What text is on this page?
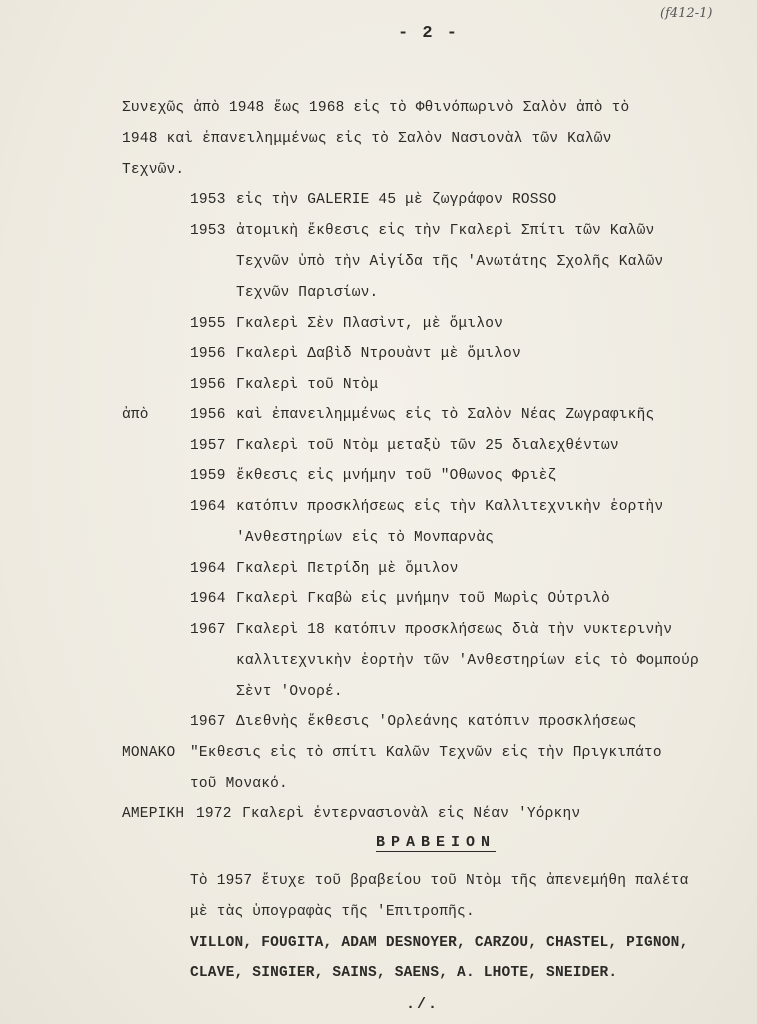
(f412-1)
- 2 -
Συνεχῶς ἀπὸ 1948 ἕως 1968 εἰς τὸ Φθινόπωρινὸ Σαλὸν ἀπὸ τὸ
1948 καὶ ἐπανειλημμένως εἰς τὸ Σαλὸν Νασιονὰλ τῶν Καλῶν
Τεχνῶν.
1953 εἰς τὴν GALERIE 45 μὲ ζωγράφον ROSSO
1953 ἀτομικὴ ἔκθεσις εἰς τὴν Γκαλερὶ Σπίτι τῶν Καλῶν
Τεχνῶν ὑπὸ τὴν Αἰγίδα τῆς 'Ανωτάτης Σχολῆς Καλῶν
Τεχνῶν Παρισίων.
1955 Γκαλερὶ Σὲν Πλασὶντ, μὲ ὅμιλον
1956 Γκαλερὶ Δαβὶδ Ντρουὰντ μὲ ὅμιλον
1956 Γκαλερὶ τοῦ Ντὸμ
ἀπὸ	1956 καὶ ἐπανειλημμένως εἰς τὸ Σαλὸν Νέας Ζωγραφικῆς
1957 Γκαλερὶ τοῦ Ντὸμ μεταξὺ τῶν 25 διαλεχθέντων
1959 ἔκθεσις εἰς μνήμην τοῦ "Οθωνος Φριὲζ
1964 κατόπιν προσκλήσεως εἰς τὴν Καλλιτεχνικὴν ἑορτὴν
'Ανθεστηρίων εἰς τὸ Μονπαρνὰς
1964 Γκαλερὶ Πετρίδη μὲ ὅμιλον
1964 Γκαλερὶ Γκαβὼ εἰς μνήμην τοῦ Μωρὶς Οὐτριλὸ
1967 Γκαλερὶ 18 κατόπιν προσκλήσεως διὰ τὴν νυκτερινὴν
καλλιτεχνικὴν ἑορτὴν τῶν 'Ανθεστηρίων εἰς τὸ Φομπούρ
Σὲντ 'Ονορέ.
1967 Διεθνὴς ἔκθεσις 'Ορλεάνης κατόπιν προσκλήσεως
ΜΟΝΑΚΟ "Εκθεσις εἰς τὸ σπίτι Καλῶν Τεχνῶν εἰς τὴν Πριγκιπάτο
τοῦ Μονακό.
ΑΜΕΡΙΚΗ 1972 Γκαλερὶ ἐντερνασιονὰλ εἰς Νέαν 'Υόρκην
ΒΡΑΒΕΙΟΝ
Τὸ 1957 ἔτυχε τοῦ βραβείου τοῦ Ντὸμ τῆς ἀπενεμήθη παλέτα
μὲ τὰς ὑπογραφὰς τῆς 'Επιτροπῆς.
VILLON, FOUGITA, ADAM DESNOYER, CARZOU, CHASTEL, PIGNON,
CLAVE, SINGIER, SAINS, SAENS, A. LHOTE, SNEIDER.
./.
